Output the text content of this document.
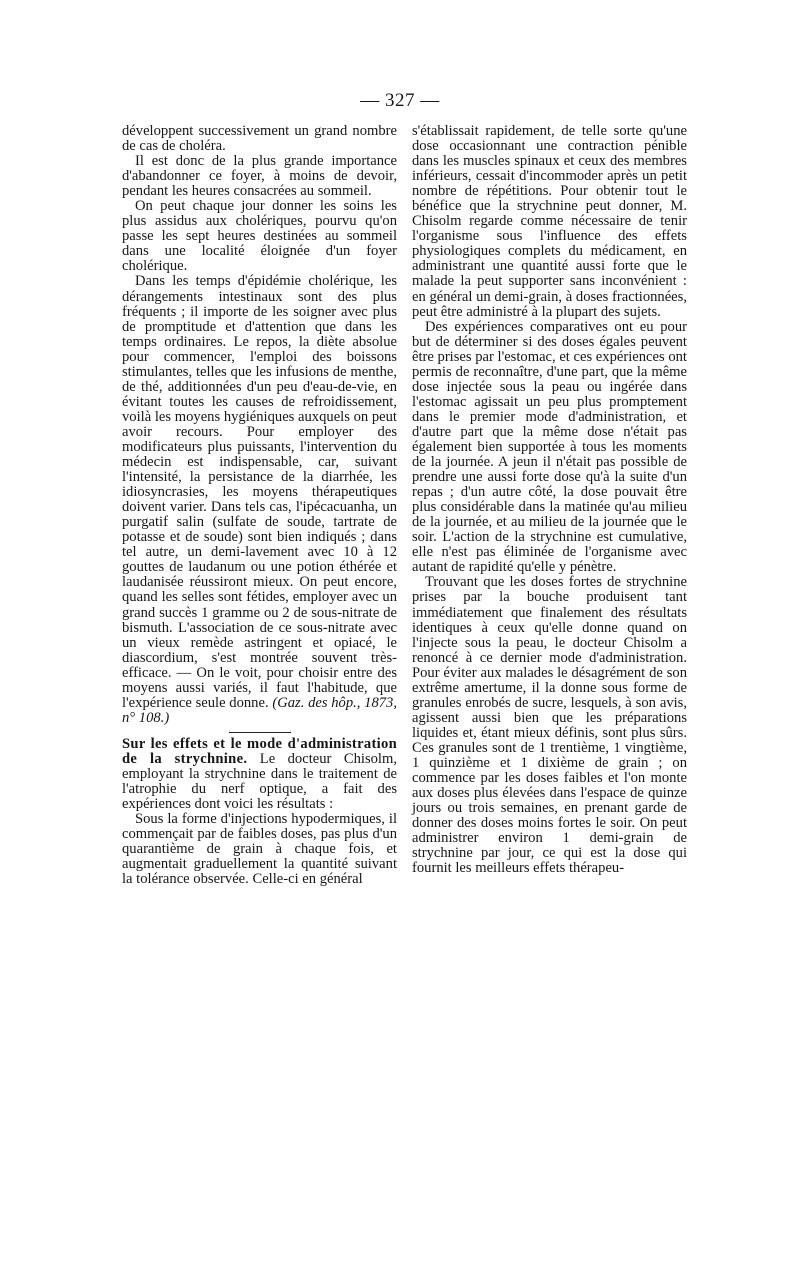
— 327 —

développent successivement un grand nombre de cas de choléra.

Il est donc de la plus grande importance d'abandonner ce foyer, à moins de devoir, pendant les heures consacrées au sommeil.

On peut chaque jour donner les soins les plus assidus aux cholériques, pourvu qu'on passe les sept heures destinées au sommeil dans une localité éloignée d'un foyer cholérique.

Dans les temps d'épidémie cholérique, les dérangements intestinaux sont des plus fréquents ; il importe de les soigner avec plus de promptitude et d'attention que dans les temps ordinaires. Le repos, la diète absolue pour commencer, l'emploi des boissons stimulantes, telles que les infusions de menthe, de thé, additionnées d'un peu d'eau-de-vie, en évitant toutes les causes de refroidissement, voilà les moyens hygiéniques auxquels on peut avoir recours. Pour employer des modificateurs plus puissants, l'intervention du médecin est indispensable, car, suivant l'intensité, la persistance de la diarrhée, les idiosyncrasies, les moyens thérapeutiques doivent varier. Dans tels cas, l'ipécacuanha, un purgatif salin (sulfate de soude, tartrate de potasse et de soude) sont bien indiqués ; dans tel autre, un demi-lavement avec 10 à 12 gouttes de laudanum ou une potion éthérée et laudanisée réussiront mieux. On peut encore, quand les selles sont fétides, employer avec un grand succès 1 gramme ou 2 de sous-nitrate de bismuth. L'association de ce sous-nitrate avec un vieux remède astringent et opiacé, le diascordium, s'est montrée souvent très-efficace. — On le voit, pour choisir entre des moyens aussi variés, il faut l'habitude, que l'expérience seule donne. (Gaz. des hôp., 1873, n° 108.)

Sur les effets et le mode d'administration de la strychnine. Le docteur Chisolm, employant la strychnine dans le traitement de l'atrophie du nerf optique, a fait des expériences dont voici les résultats :

Sous la forme d'injections hypodermiques, il commençait par de faibles doses, pas plus d'un quarantième de grain à chaque fois, et augmentait graduellement la quantité suivant la tolérance observée. Celle-ci en général

s'établissait rapidement, de telle sorte qu'une dose occasionnant une contraction pénible dans les muscles spinaux et ceux des membres inférieurs, cessait d'incommoder après un petit nombre de répétitions. Pour obtenir tout le bénéfice que la strychnine peut donner, M. Chisolm regarde comme nécessaire de tenir l'organisme sous l'influence des effets physiologiques complets du médicament, en administrant une quantité aussi forte que le malade la peut supporter sans inconvénient : en général un demi-grain, à doses fractionnées, peut être administré à la plupart des sujets.

Des expériences comparatives ont eu pour but de déterminer si des doses égales peuvent être prises par l'estomac, et ces expériences ont permis de reconnaître, d'une part, que la même dose injectée sous la peau ou ingérée dans l'estomac agissait un peu plus promptement dans le premier mode d'administration, et d'autre part que la même dose n'était pas également bien supportée à tous les moments de la journée. A jeun il n'était pas possible de prendre une aussi forte dose qu'à la suite d'un repas ; d'un autre côté, la dose pouvait être plus considérable dans la matinée qu'au milieu de la journée, et au milieu de la journée que le soir. L'action de la strychnine est cumulative, elle n'est pas éliminée de l'organisme avec autant de rapidité qu'elle y pénètre.

Trouvant que les doses fortes de strychnine prises par la bouche produisent tant immédiatement que finalement des résultats identiques à ceux qu'elle donne quand on l'injecte sous la peau, le docteur Chisolm a renoncé à ce dernier mode d'administration. Pour éviter aux malades le désagrément de son extrême amertume, il la donne sous forme de granules enrobés de sucre, lesquels, à son avis, agissent aussi bien que les préparations liquides et, étant mieux définis, sont plus sûrs. Ces granules sont de 1 trentième, 1 vingtième, 1 quinzième et 1 dixième de grain ; on commence par les doses faibles et l'on monte aux doses plus élevées dans l'espace de quinze jours ou trois semaines, en prenant garde de donner des doses moins fortes le soir. On peut administrer environ 1 demi-grain de strychnine par jour, ce qui est la dose qui fournit les meilleurs effets thérapeu-
